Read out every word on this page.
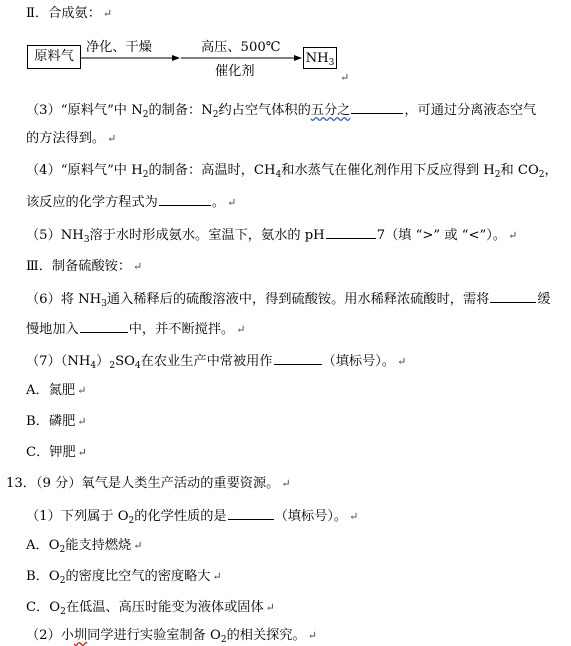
Ⅱ．合成氨： ↵
原料气
净化、干燥	高压、500℃
催化剂
$NH_3$
↵
（3）“原料气”中 $N_2$的制备：$N_2$约占空气体积的五分之	，可通过分离液态空气
的方法得到。 ↵
（4）“原料气”中 $H_2$的制备：高温时，$CH_4$和水蒸气在催化剂作用下反应得到 $H_2$和 $CO_2$，
该反应的化学方程式为	。 ↵
$(5)NH_3$溶于水时形成氨水。室温下，氨水的 pH	7（填 “>” 或 “<”）。 ↵
Ⅲ．制备硫酸铵： ↵
（6）将 $NH_3$通入稀释后的硫酸溶液中，得到硫酸铵。用水稀释浓硫酸时，需将	缓
慢地加入	中，并不断搅拌。 ↵
$(7)(NH_4)_2SO_4$在农业生产中常被用作	（填标号）。 ↵
A．氮肥 ↵
B．磷肥 ↵
C．钾肥 ↵
13．（9 分）氧气是人类生产活动的重要资源。 ↵
（1）下列属于 $O_2$的化学性质的是	（填标号）。 ↵
A．$O_2$能支持燃烧 ↵
B．$O_2$的密度比空气的密度略大 ↵
C．$O_2$在低温、高压时能变为液体或固体 ↵
（2）小圳同学进行实验室制备 $O_2$的相关探究。 ↵
